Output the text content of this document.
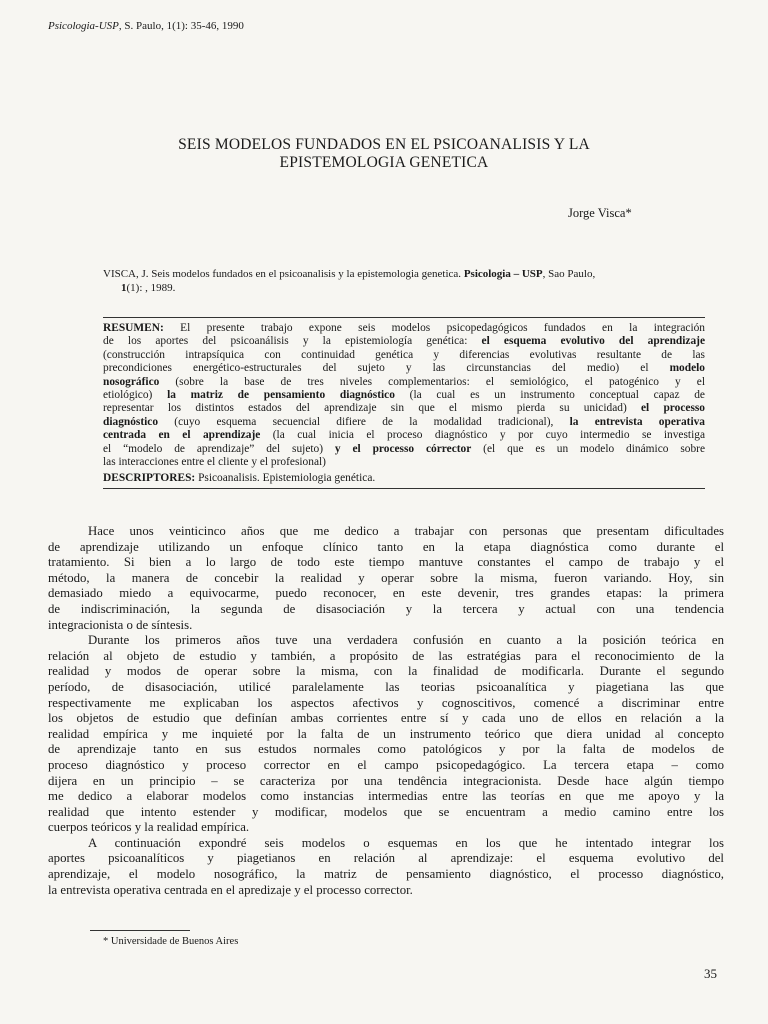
Psicologia-USP, S. Paulo, 1(1): 35-46, 1990
SEIS MODELOS FUNDADOS EN EL PSICOANALISIS Y LA
EPISTEMOLOGIA GENETICA
Jorge Visca*
VISCA, J. Seis modelos fundados en el psicoanalisis y la epistemologia genetica. Psicologia – USP, Sao Paulo,
1(1): , 1989.
RESUMEN: El presente trabajo expone seis modelos psicopedagógicos fundados en la integración
de los aportes del psicoanálisis y la epistemiología genética: el esquema evolutivo del aprendizaje
(construcción intrapsíquica con continuidad genética y diferencias evolutivas resultante de las
precondiciones energético-estructurales del sujeto y las circunstancias del medio) el modelo
nosográfico (sobre la base de tres niveles complementarios: el semiológico, el patogénico y el
etiológico) la matriz de pensamiento diagnóstico (la cual es un instrumento conceptual capaz de
representar los distintos estados del aprendizaje sin que el mismo pierda su unicidad) el processo
diagnóstico (cuyo esquema secuencial difiere de la modalidad tradicional), la entrevista operativa
centrada en el aprendizaje (la cual inicia el proceso diagnóstico y por cuyo intermedio se investiga
el “modelo de aprendizaje” del sujeto) y el processo córrector (el que es un modelo dinámico sobre
las interacciones entre el cliente y el profesional)
DESCRIPTORES: Psicoanalisis. Epistemiologia genética.
Hace unos veinticinco años que me dedico a trabajar con personas que presentam dificultades
de aprendizaje utilizando un enfoque clínico tanto en la etapa diagnóstica como durante el
tratamiento. Si bien a lo largo de todo este tiempo mantuve constantes el campo de trabajo y el
método, la manera de concebir la realidad y operar sobre la misma, fueron variando. Hoy, sin
demasiado miedo a equivocarme, puedo reconocer, en este devenir, tres grandes etapas: la primera
de indiscriminación, la segunda de disasociación y la tercera y actual con una tendencia
integracionista o de síntesis.
Durante los primeros años tuve una verdadera confusión en cuanto a la posición teórica en
relación al objeto de estudio y también, a propósito de las estratégias para el reconocimiento de la
realidad y modos de operar sobre la misma, con la finalidad de modificarla. Durante el segundo
período, de disasociación, utilicé paralelamente las teorias psicoanalítica y piagetiana las que
respectivamente me explicaban los aspectos afectivos y cognoscitivos, comencé a discriminar entre
los objetos de estudio que definían ambas corrientes entre sí y cada uno de ellos en relación a la
realidad empírica y me inquieté por la falta de un instrumento teórico que diera unidad al concepto
de aprendizaje tanto en sus estudos normales como patológicos y por la falta de modelos de
proceso diagnóstico y proceso corrector en el campo psicopedagógico. La tercera etapa – como
dijera en un principio – se caracteriza por una tendência integracionista. Desde hace algún tiempo
me dedico a elaborar modelos como instancias intermedias entre las teorías en que me apoyo y la
realidad que intento estender y modificar, modelos que se encuentram a medio camino entre los
cuerpos teóricos y la realidad empírica.
A continuación expondré seis modelos o esquemas en los que he intentado integrar los
aportes psicoanalíticos y piagetianos en relación al aprendizaje: el esquema evolutivo del
aprendizaje, el modelo nosográfico, la matriz de pensamiento diagnóstico, el processo diagnóstico,
la entrevista operativa centrada en el apredizaje y el processo corrector.
* Universidade de Buenos Aires
35
